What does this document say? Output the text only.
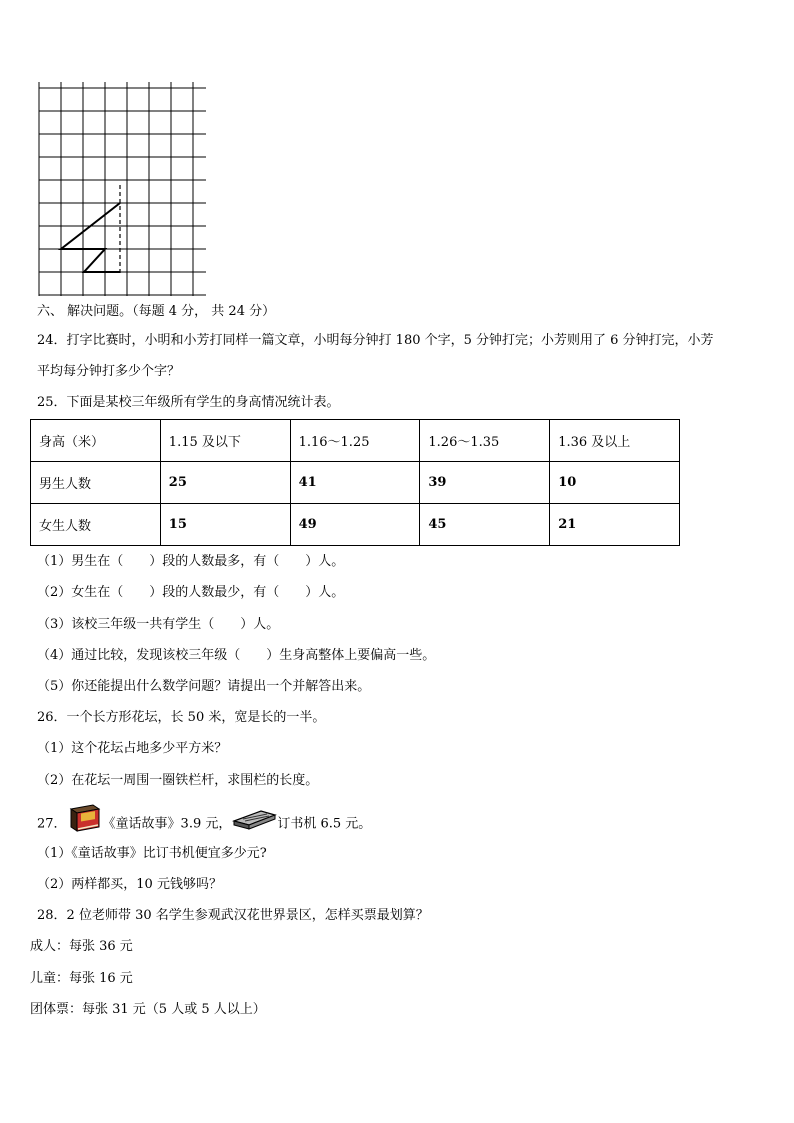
六、 解决问题。（每题 4 分， 共 24 分）
24．打字比赛时，小明和小芳打同样一篇文章，小明每分钟打 180 个字，5 分钟打完；小芳则用了 6 分钟打完，小芳
平均每分钟打多少个字？
25．下面是某校三年级所有学生的身高情况统计表。
身高（米）	1.15 及以下	1.16～1.25	1.26～1.35	1.36 及以上
男生人数	25	41	39	10
女生人数	15	49	45	21
（1）男生在（　　）段的人数最多，有（　　）人。
（2）女生在（　　）段的人数最少，有（　　）人。
（3）该校三年级一共有学生（　　）人。
（4）通过比较，发现该校三年级（　　）生身高整体上要偏高一些。
（5）你还能提出什么数学问题？请提出一个并解答出来。
26．一个长方形花坛，长 50 米，宽是长的一半。
（1）这个花坛占地多少平方米？
（2）在花坛一周围一圈铁栏杆，求围栏的长度。
27．	《童话故事》3.9 元，	订书机 6.5 元。
（1）《童话故事》比订书机便宜多少元?
（2）两样都买，10 元钱够吗？
28．2 位老师带 30 名学生参观武汉花世界景区，怎样买票最划算？
成人：每张 36 元
儿童：每张 16 元
团体票：每张 31 元（5 人或 5 人以上）
